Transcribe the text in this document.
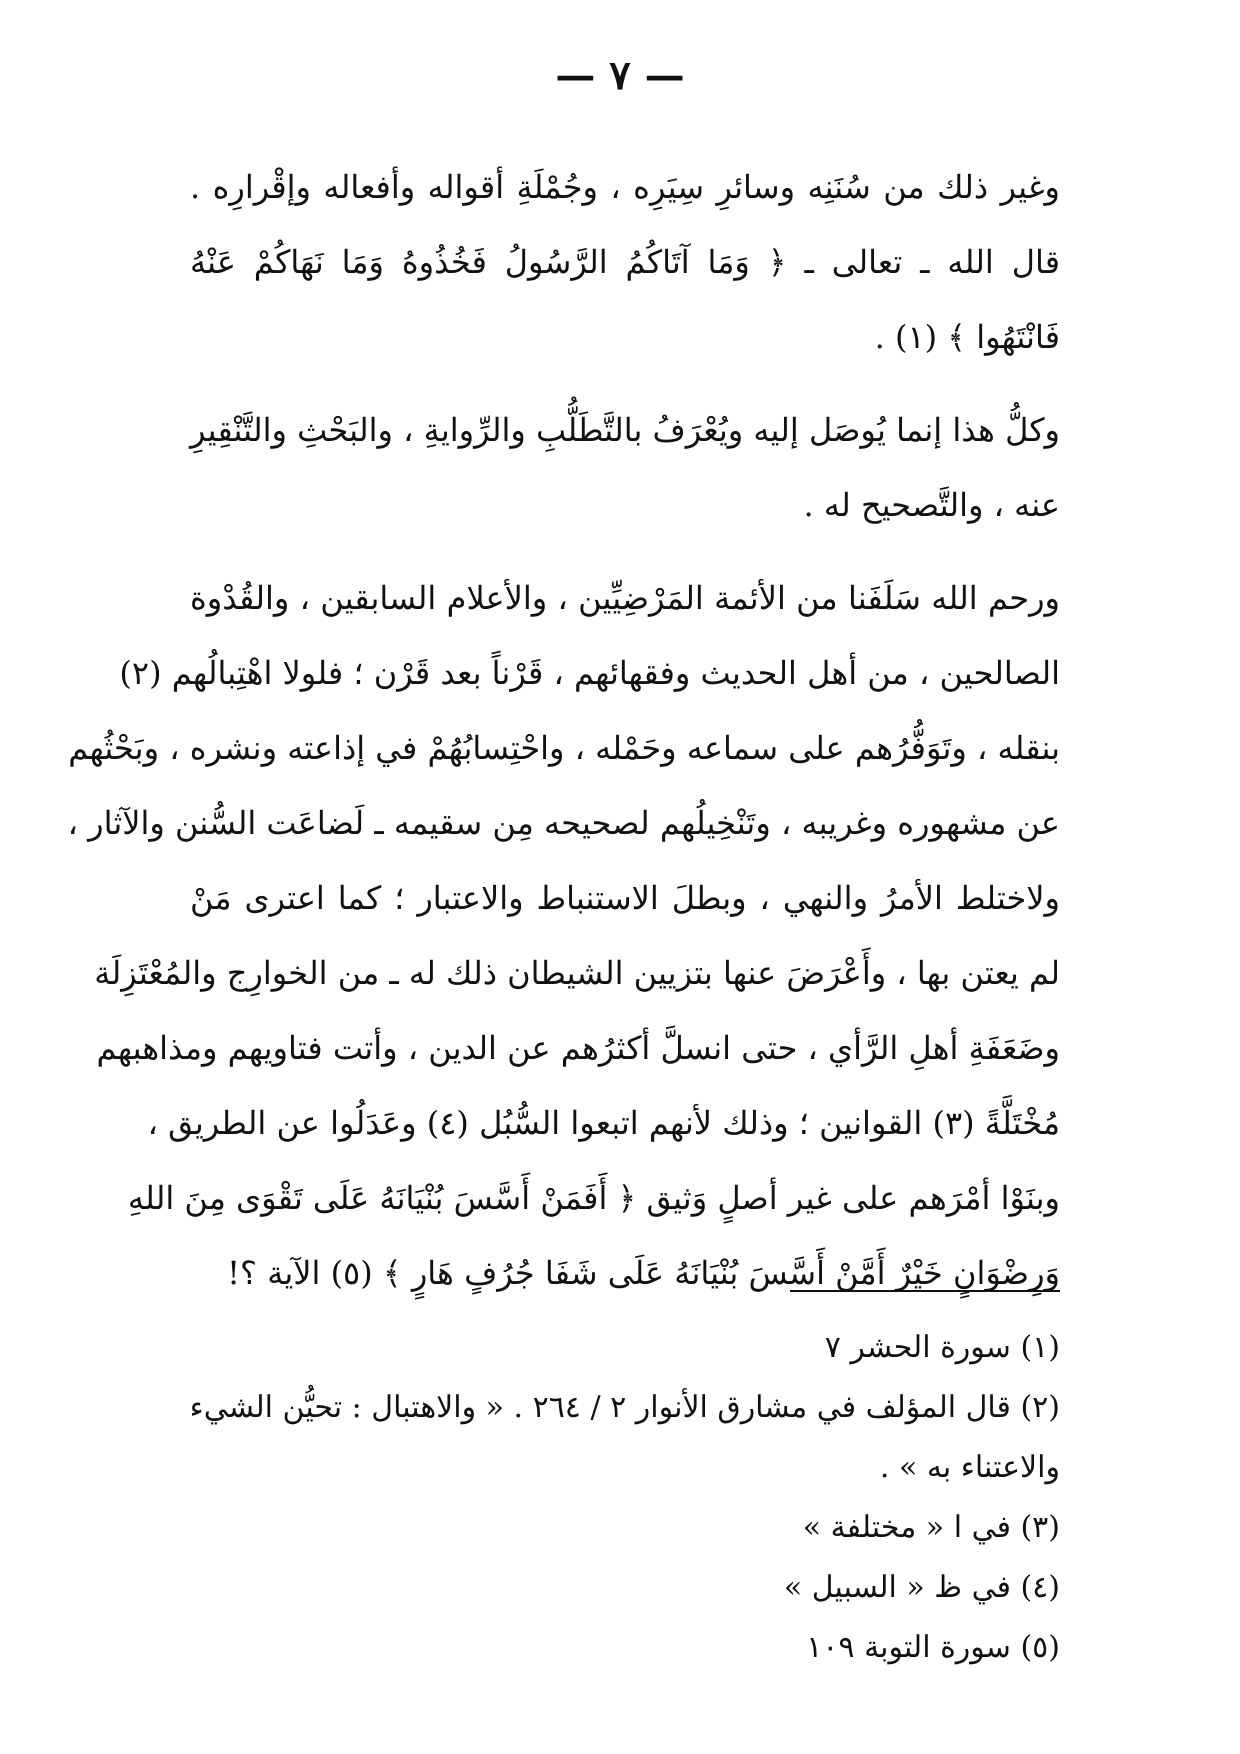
— ٧ —
وغير ذلك من سُنَنِه وسائرِ سِيَرِه ، وجُمْلَةِ أقواله وأفعاله وإقْرارِه .
قال الله ـ تعالى ـ ﴿ وَمَا آتَاكُمُ الرَّسُولُ فَخُذُوهُ وَمَا نَهَاكُمْ عَنْهُ
فَانْتَهُوا ﴾ (١) .
وكلُّ هذا إنما يُوصَل إليه ويُعْرَفُ بالتَّطَلُّبِ والرِّوايةِ ، والبَحْثِ والتَّنْقِيرِ
عنه ، والتَّصحيح له .
ورحم الله سَلَفَنا من الأئمة المَرْضِيِّين ، والأعلام السابقين ، والقُدْوة
الصالحين ، من أهل الحديث وفقهائهم ، قَرْناً بعد قَرْن ؛ فلولا اهْتِبالُهم (٢)
بنقله ، وتَوَفُّرُهم على سماعه وحَمْله ، واحْتِسابُهُمْ في إذاعته ونشره ، وبَحْثُهم
عن مشهوره وغريبه ، وتَنْخِيلُهم لصحيحه مِن سقيمه ـ لَضاعَت السُّنن والآثار ،
ولاختلط الأمرُ والنهي ، وبطلَ الاستنباط والاعتبار ؛ كما اعترى مَنْ
لم يعتن بها ، وأَعْرَضَ عنها بتزيين الشيطان ذلك له ـ من الخوارِج والمُعْتَزِلَة
وضَعَفَةِ أهلِ الرَّأي ، حتى انسلَّ أكثرُهم عن الدين ، وأتت فتاويهم ومذاهبهم
مُخْتَلَّةً (٣) القوانين ؛ وذلك لأنهم اتبعوا السُّبُل (٤) وعَدَلُوا عن الطريق ،
وبنَوْا أمْرَهم على غير أصلٍ وَثيق ﴿ أَفَمَنْ أَسَّسَ بُنْيَانَهُ عَلَى تَقْوَى مِنَ اللهِ
وَرِضْوَانٍ خَيْرٌ أَمَّنْ أَسَّسَ بُنْيَانَهُ عَلَى شَفَا جُرُفٍ هَارٍ ﴾ (٥) الآية ؟!
(١) سورة الحشر ٧
(٢) قال المؤلف في مشارق الأنوار ٢ / ٢٦٤ . « والاهتبال : تحيُّن الشيء
والاعتناء به » .
(٣) في ا « مختلفة »
(٤) في ظ « السبيل »
(٥) سورة التوبة ١٠٩
